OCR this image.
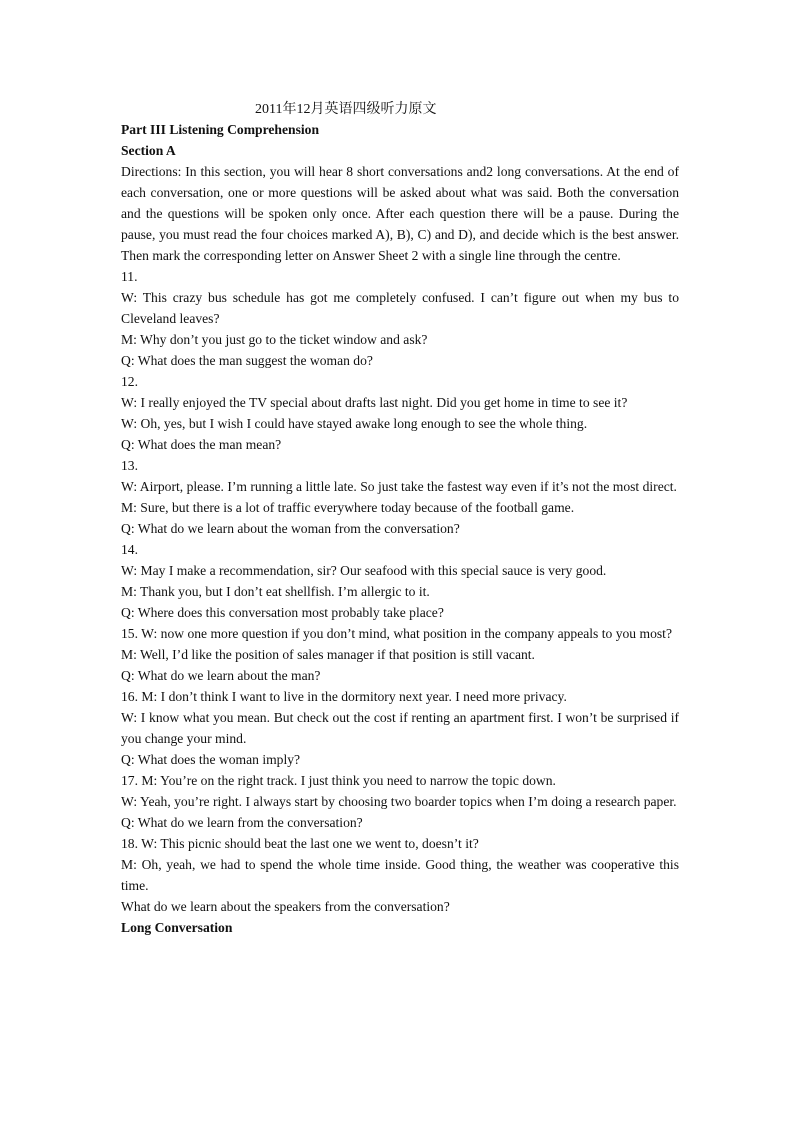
2011年12月英语四级听力原文

Part III Listening Comprehension

Section A

Directions: In this section, you will hear 8 short conversations and2 long conversations. At the end of each conversation, one or more questions will be asked about what was said. Both the conversation and the questions will be spoken only once. After each question there will be a pause. During the pause, you must read the four choices marked A), B), C) and D), and decide which is the best answer. Then mark the corresponding letter on Answer Sheet 2 with a single line through the centre.

11.

W: This crazy bus schedule has got me completely confused. I can’t figure out when my bus to Cleveland leaves?

M: Why don’t you just go to the ticket window and ask?

Q: What does the man suggest the woman do?

12.

W: I really enjoyed the TV special about drafts last night. Did you get home in time to see it?

W: Oh, yes, but I wish I could have stayed awake long enough to see the whole thing.

Q: What does the man mean?

13.

W: Airport, please. I’m running a little late. So just take the fastest way even if it’s not the most direct.

M: Sure, but there is a lot of traffic everywhere today because of the football game.

Q: What do we learn about the woman from the conversation?

14.

W: May I make a recommendation, sir? Our seafood with this special sauce is very good.

M: Thank you, but I don’t eat shellfish. I’m allergic to it.

Q: Where does this conversation most probably take place?

15. W: now one more question if you don’t mind, what position in the company appeals to you most?

M: Well, I’d like the position of sales manager if that position is still vacant.

Q: What do we learn about the man?

16. M: I don’t think I want to live in the dormitory next year. I need more privacy.

W: I know what you mean. But check out the cost if renting an apartment first. I won’t be surprised if you change your mind.

Q: What does the woman imply?

17. M: You’re on the right track. I just think you need to narrow the topic down.

W: Yeah, you’re right. I always start by choosing two boarder topics when I’m doing a research paper.

Q: What do we learn from the conversation?

18. W: This picnic should beat the last one we went to, doesn’t it?

M: Oh, yeah, we had to spend the whole time inside. Good thing, the weather was cooperative this time.

What do we learn about the speakers from the conversation?

Long Conversation
